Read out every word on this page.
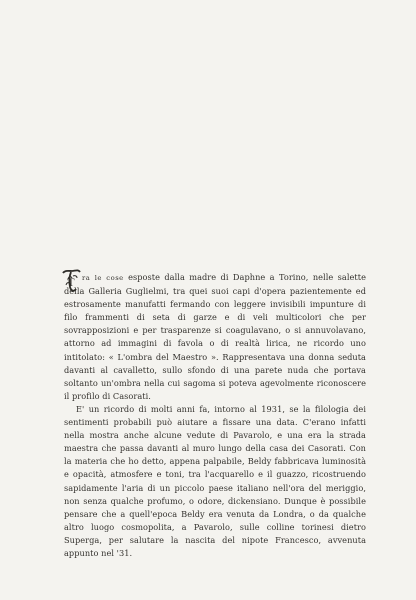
T	ra le cose esposte dalla madre di Daphne a Torino, nelle salette della Galleria Guglielmi, tra quei suoi capi d'opera pazientemente ed estrosamente manufatti fermando con leggere invisibili impunture di filo frammenti di seta di garze e di veli multicolori che per sovrapposizioni e per trasparenze si coagulavano, o si annuvolavano, attorno ad immagini di favola o di realtà lirica, ne ricordo uno intitolato: « L'ombra del Maestro ». Rappresentava una donna seduta davanti al cavalletto, sullo sfondo di una parete nuda che portava soltanto un'ombra nella cui sagoma si poteva agevolmente riconoscere il profilo di Casorati.

E' un ricordo di molti anni fa, intorno al 1931, se la filologia dei sentimenti probabili può aiutare a fissare una data. C'erano infatti nella mostra anche alcune vedute di Pavarolo, e una era la strada maestra che passa davanti al muro lungo della casa dei Casorati. Con la materia che ho detto, appena palpabile, Beldy fabbricava luminosità e opacità, atmosfere e toni, tra l'acquarello e il guazzo, ricostruendo sapidamente l'aria di un piccolo paese italiano nell'ora del meriggio, non senza qualche profumo, o odore, dickensiano. Dunque è possibile pensare che a quell'epoca Beldy era venuta da Londra, o da qualche altro luogo cosmopolita, a Pavarolo, sulle colline torinesi dietro Superga, per salutare la nascita del nipote Francesco, avvenuta appunto nel '31.
